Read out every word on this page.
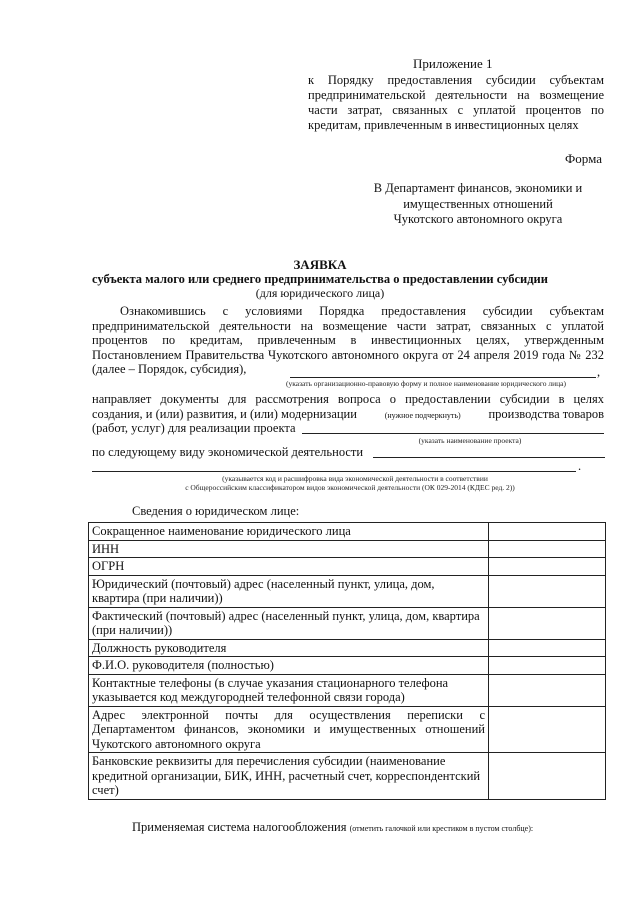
Приложение 1
к Порядку предоставления субсидии субъектам предпринимательской деятельности на возмещение части затрат, связанных с уплатой процентов по кредитам, привлеченным в инвестиционных целях
Форма
В Департамент финансов, экономики и
имущественных отношений
Чукотского автономного округа
ЗАЯВКА
субъекта малого или среднего предпринимательства о предоставлении субсидии
(для юридического лица)
Ознакомившись с условиями Порядка предоставления субсидии субъектам предпринимательской деятельности на возмещение части затрат, связанных с уплатой процентов по кредитам, привлеченным в инвестиционных целях, утвержденным Постановлением Правительства Чукотского автономного округа от 24 апреля 2019 года № 232 (далее – Порядок, субсидия),	,
(указать организационно-правовую форму и полное наименование юридического лица)
направляет документы для рассмотрения вопроса о предоставлении субсидии в целях
создания, и (или) развития, и (или) модернизации	(нужное подчеркнуть) производства товаров
(работ, услуг) для реализации проекта
(указать наименование проекта)
по следующему виду экономической деятельности
.
(указывается код и расшифровка вида экономической деятельности в соответствии
с Общероссийским классификатором видов экономической деятельности (ОК 029-2014 (КДЕС ред. 2))
Сведения о юридическом лице:
Сокращенное наименование юридического лица	
ИНН	
ОГРН	
Юридический (почтовый) адрес (населенный пункт, улица, дом, квартира (при наличии))	
Фактический (почтовый) адрес (населенный пункт, улица, дом, квартира (при наличии))	
Должность руководителя	
Ф.И.О. руководителя (полностью)	
Контактные телефоны (в случае указания стационарного телефона указывается код междугородней телефонной связи города)	
Адрес электронной почты для осуществления переписки с Департаментом финансов, экономики и имущественных отношений Чукотского автономного округа	
Банковские реквизиты для перечисления субсидии (наименование кредитной организации, БИК, ИНН, расчетный счет, корреспондентский счет)	
Применяемая система налогообложения (отметить галочкой или крестиком в пустом столбце):
